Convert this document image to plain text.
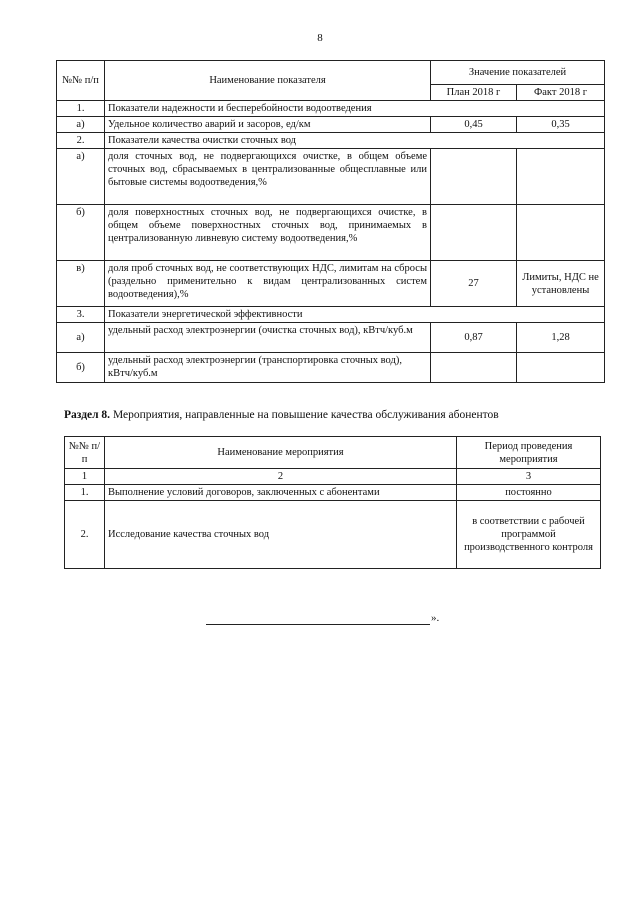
8
№№ п/п	Наименование показателя	Значение показателей	
		План 2018 г	Факт 2018 г
1.	Показатели надежности и бесперебойности водоотведения		
а)	Удельное количество аварий и засоров, ед/км	0,45	0,35
2.	Показатели качества очистки сточных вод		
а)	доля сточных вод, не подвергающихся очистке, в общем объеме сточных вод, сбрасываемых в централизованные общесплавные или бытовые системы водоотведения,%		
б)	доля поверхностных сточных вод, не подвергающихся очистке, в общем объеме поверхностных сточных вод, принимаемых в централизованную ливневую систему водоотведения,%		
в)	доля проб сточных вод, не соответствующих НДС, лимитам на сбросы (раздельно применительно к видам централизованных систем водоотведения),%	27	Лимиты, НДС не установлены
3.	Показатели энергетической эффективности		
а)	удельный расход электроэнергии (очистка сточных вод), кВтч/куб.м	0,87	1,28
б)	удельный расход электроэнергии (транспортировка сточных вод), кВтч/куб.м		
Раздел 8. Мероприятия, направленные на повышение качества обслуживания абонентов
№№ п/п	Наименование мероприятия	Период проведения мероприятия
1	2	3
1.	Выполнение условий договоров, заключенных с абонентами	постоянно
2.	Исследование качества сточных вод	в соответствии с рабочей программой производственного контроля
».
